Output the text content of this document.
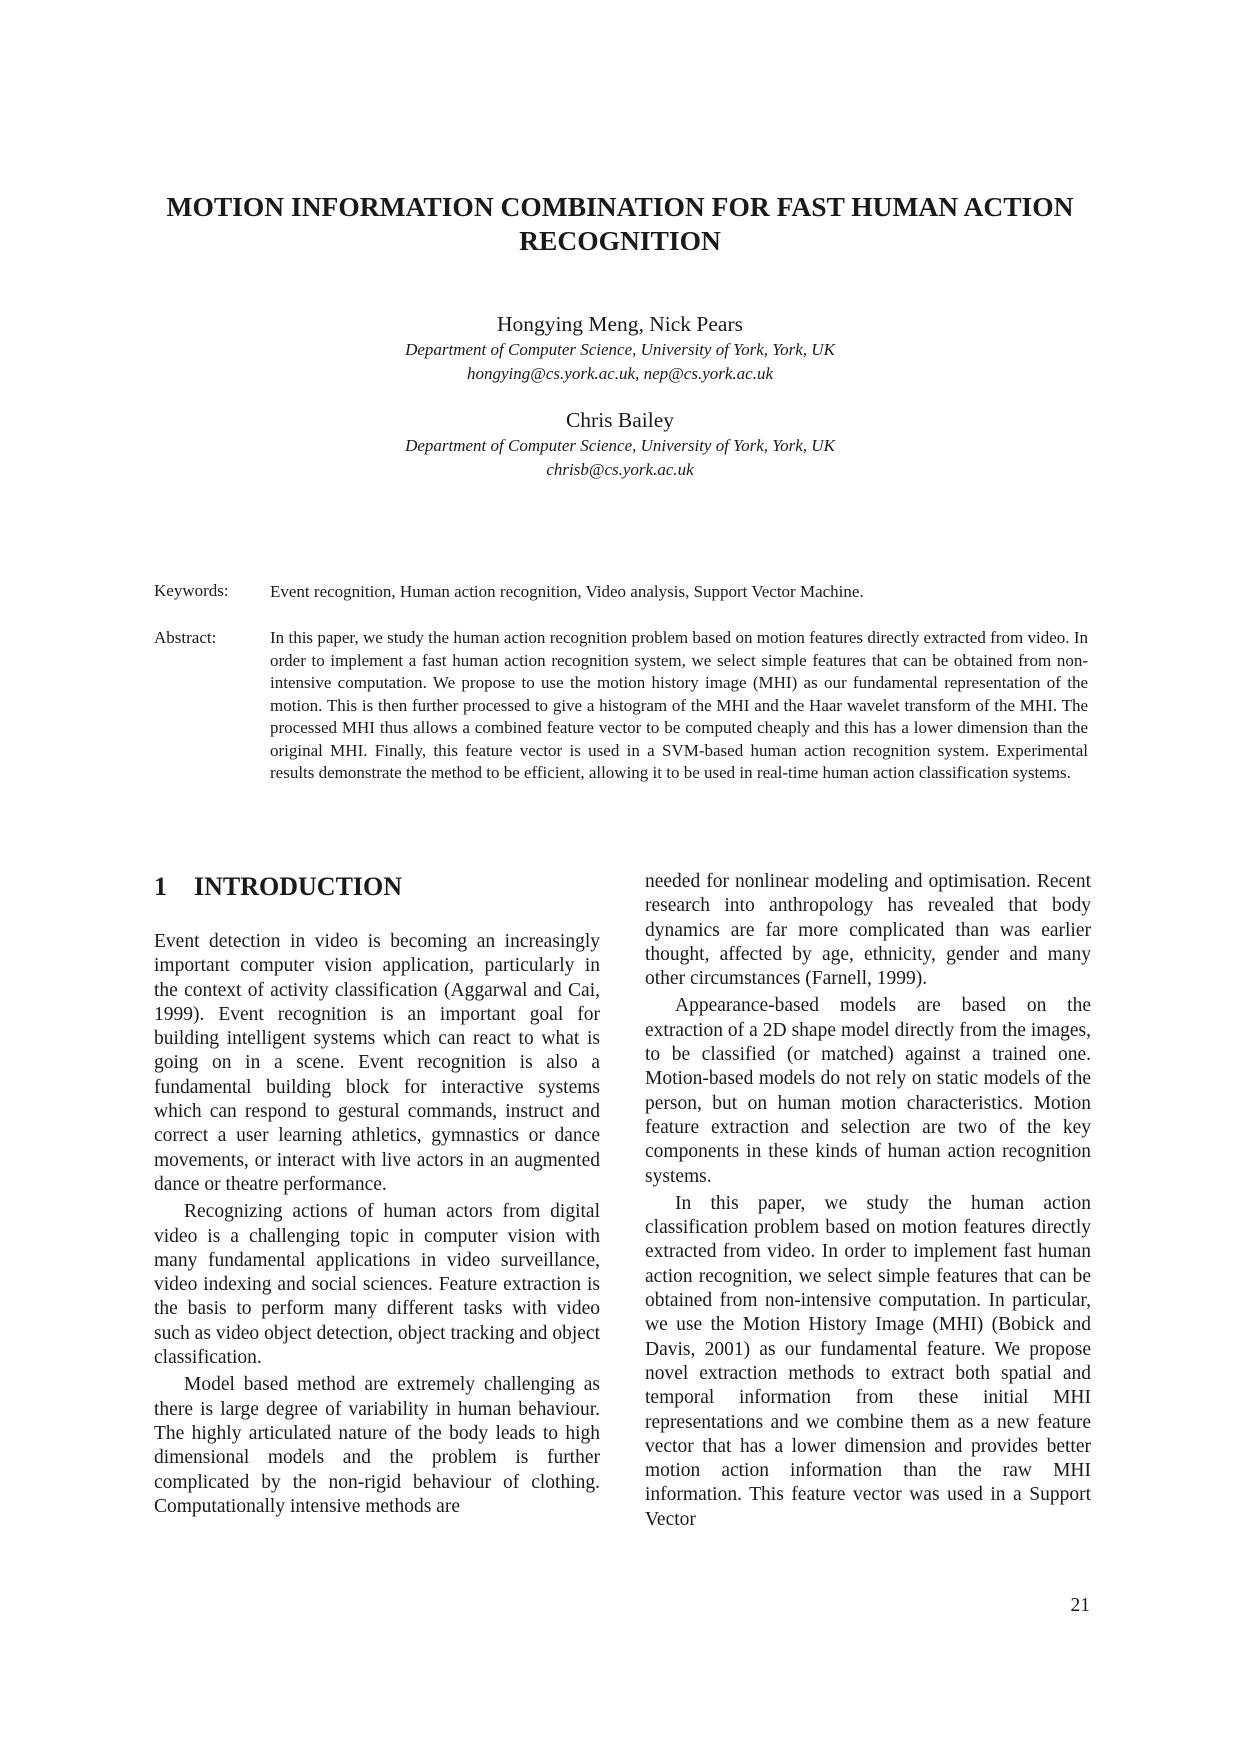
MOTION INFORMATION COMBINATION FOR FAST HUMAN ACTION RECOGNITION
Hongying Meng, Nick Pears
Department of Computer Science, University of York, York, UK
hongying@cs.york.ac.uk, nep@cs.york.ac.uk
Chris Bailey
Department of Computer Science, University of York, York, UK
chrisb@cs.york.ac.uk
Keywords: Event recognition, Human action recognition, Video analysis, Support Vector Machine.
Abstract:	In this paper, we study the human action recognition problem based on motion features directly extracted from video. In order to implement a fast human action recognition system, we select simple features that can be obtained from non-intensive computation. We propose to use the motion history image (MHI) as our fundamental representation of the motion. This is then further processed to give a histogram of the MHI and the Haar wavelet transform of the MHI. The processed MHI thus allows a combined feature vector to be computed cheaply and this has a lower dimension than the original MHI. Finally, this feature vector is used in a SVM-based human action recognition system. Experimental results demonstrate the method to be efficient, allowing it to be used in real-time human action classification systems.
1 INTRODUCTION

Event detection in video is becoming an increasingly important computer vision application, particularly in the context of activity classification (Aggarwal and Cai, 1999). Event recognition is an important goal for building intelligent systems which can react to what is going on in a scene. Event recognition is also a fundamental building block for interactive systems which can respond to gestural commands, instruct and correct a user learning athletics, gymnastics or dance movements, or interact with live actors in an augmented dance or theatre performance.

Recognizing actions of human actors from digital video is a challenging topic in computer vision with many fundamental applications in video surveillance, video indexing and social sciences. Feature extraction is the basis to perform many different tasks with video such as video object detection, object tracking and object classification.

Model based method are extremely challenging as there is large degree of variability in human behaviour. The highly articulated nature of the body leads to high dimensional models and the problem is further complicated by the non-rigid behaviour of clothing. Computationally intensive methods are

needed for nonlinear modeling and optimisation. Recent research into anthropology has revealed that body dynamics are far more complicated than was earlier thought, affected by age, ethnicity, gender and many other circumstances (Farnell, 1999).

Appearance-based models are based on the extraction of a 2D shape model directly from the images, to be classified (or matched) against a trained one. Motion-based models do not rely on static models of the person, but on human motion characteristics. Motion feature extraction and selection are two of the key components in these kinds of human action recognition systems.

In this paper, we study the human action classification problem based on motion features directly extracted from video. In order to implement fast human action recognition, we select simple features that can be obtained from non-intensive computation. In particular, we use the Motion History Image (MHI) (Bobick and Davis, 2001) as our fundamental feature. We propose novel extraction methods to extract both spatial and temporal information from these initial MHI representations and we combine them as a new feature vector that has a lower dimension and provides better motion action information than the raw MHI information. This feature vector was used in a Support Vector

21
